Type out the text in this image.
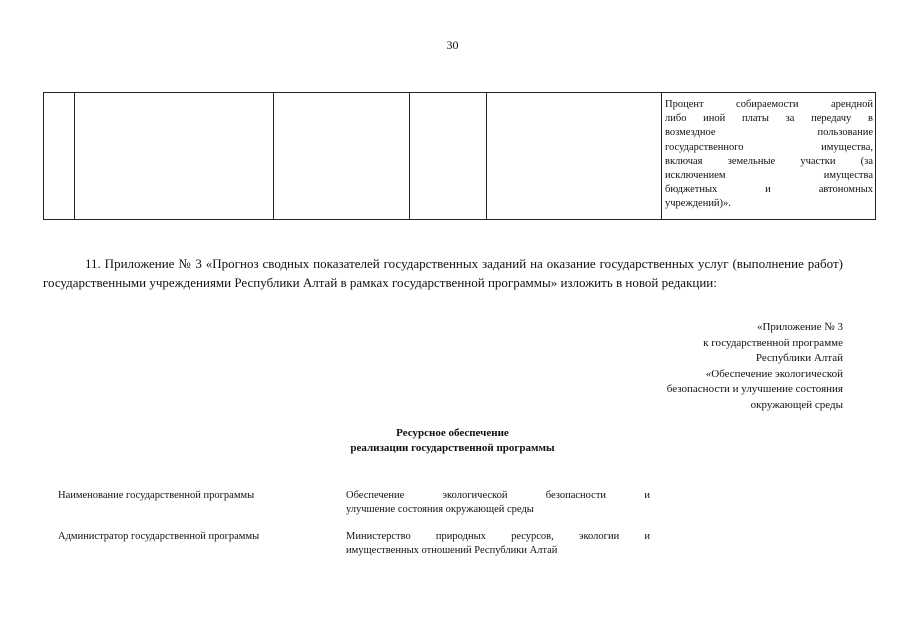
30

Процент собираемости арендной
либо иной платы за передачу в
возмездное пользование
государственного имущества,
включая земельные участки (за
исключением имущества
бюджетных и автономных
учреждений)».
11. Приложение № 3 «Прогноз сводных показателей государственных заданий на оказание государственных услуг (выполнение работ) государственными учреждениями Республики Алтай в рамках государственной программы» изложить в новой редакции:
«Приложение № 3
к государственной программе
Республики Алтай
«Обеспечение экологической
безопасности и улучшение состояния
окружающей среды
Ресурсное обеспечение
реализации государственной программы
Наименование государственной программы	Обеспечение экологической безопасности и
улучшение состояния окружающей среды
Администратор государственной программы	Министерство природных ресурсов, экологии и
имущественных отношений Республики Алтай
